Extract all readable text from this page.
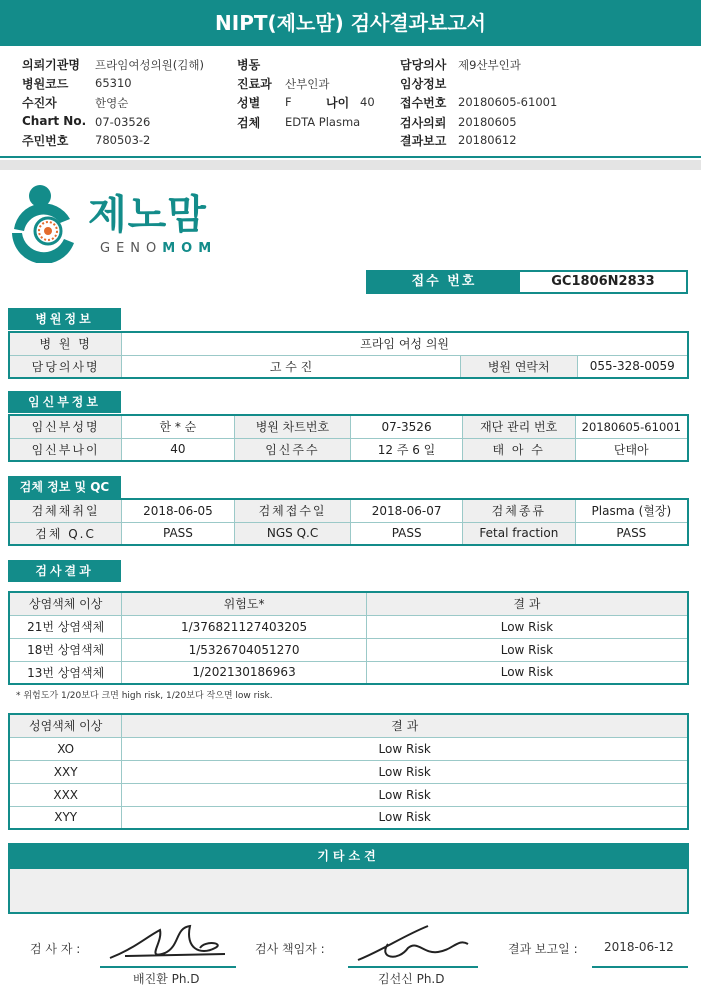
NIPT(제노맘) 검사결과보고서
의뢰기관명 프라임여성의원(김해)
병원코드 65310
수진자	한영순
Chart No. 07-03526
주민번호 780503-2
병동
진료과 산부인과
성별 F	나이 40
검체 EDTA Plasma
담당의사 제9산부인과
임상정보
접수번호 20180605-61001
검사의뢰 20180605
결과보고 20180612
제노맘
GENOMOM
접수 번호	GC1806N2833
병원정보
병 원 명	프라임 여성 의원		
담당의사명	고 수 진	병원 연락처	055-328-0059
임신부정보
임신부성명	한 * 순	병원 차트번호	07-3526	재단 관리 번호	20180605-61001
임신부나이	40	임신주수	12 주 6 일	태 아 수	단태아
검체 정보 및 QC
검체채취일	2018-06-05	검체접수일	2018-06-07	검체종류	Plasma (혈장)
검체 Q.C	PASS	NGS Q.C	PASS	Fetal fraction	PASS
검사결과
상염색체 이상	위험도*	결 과
21번 상염색체	1/376821127403205	Low Risk
18번 상염색체	1/5326704051270	Low Risk
13번 상염색체	1/202130186963	Low Risk
* 위험도가 1/20보다 크면 high risk, 1/20보다 작으면 low risk.
성염색체 이상	결 과
XO	Low Risk
XXY	Low Risk
XXX	Low Risk
XYY	Low Risk
기타소견
검 사 자 :
배진환 Ph.D
검사 책임자 :
김선신 Ph.D
결과 보고일 : 2018-06-12
